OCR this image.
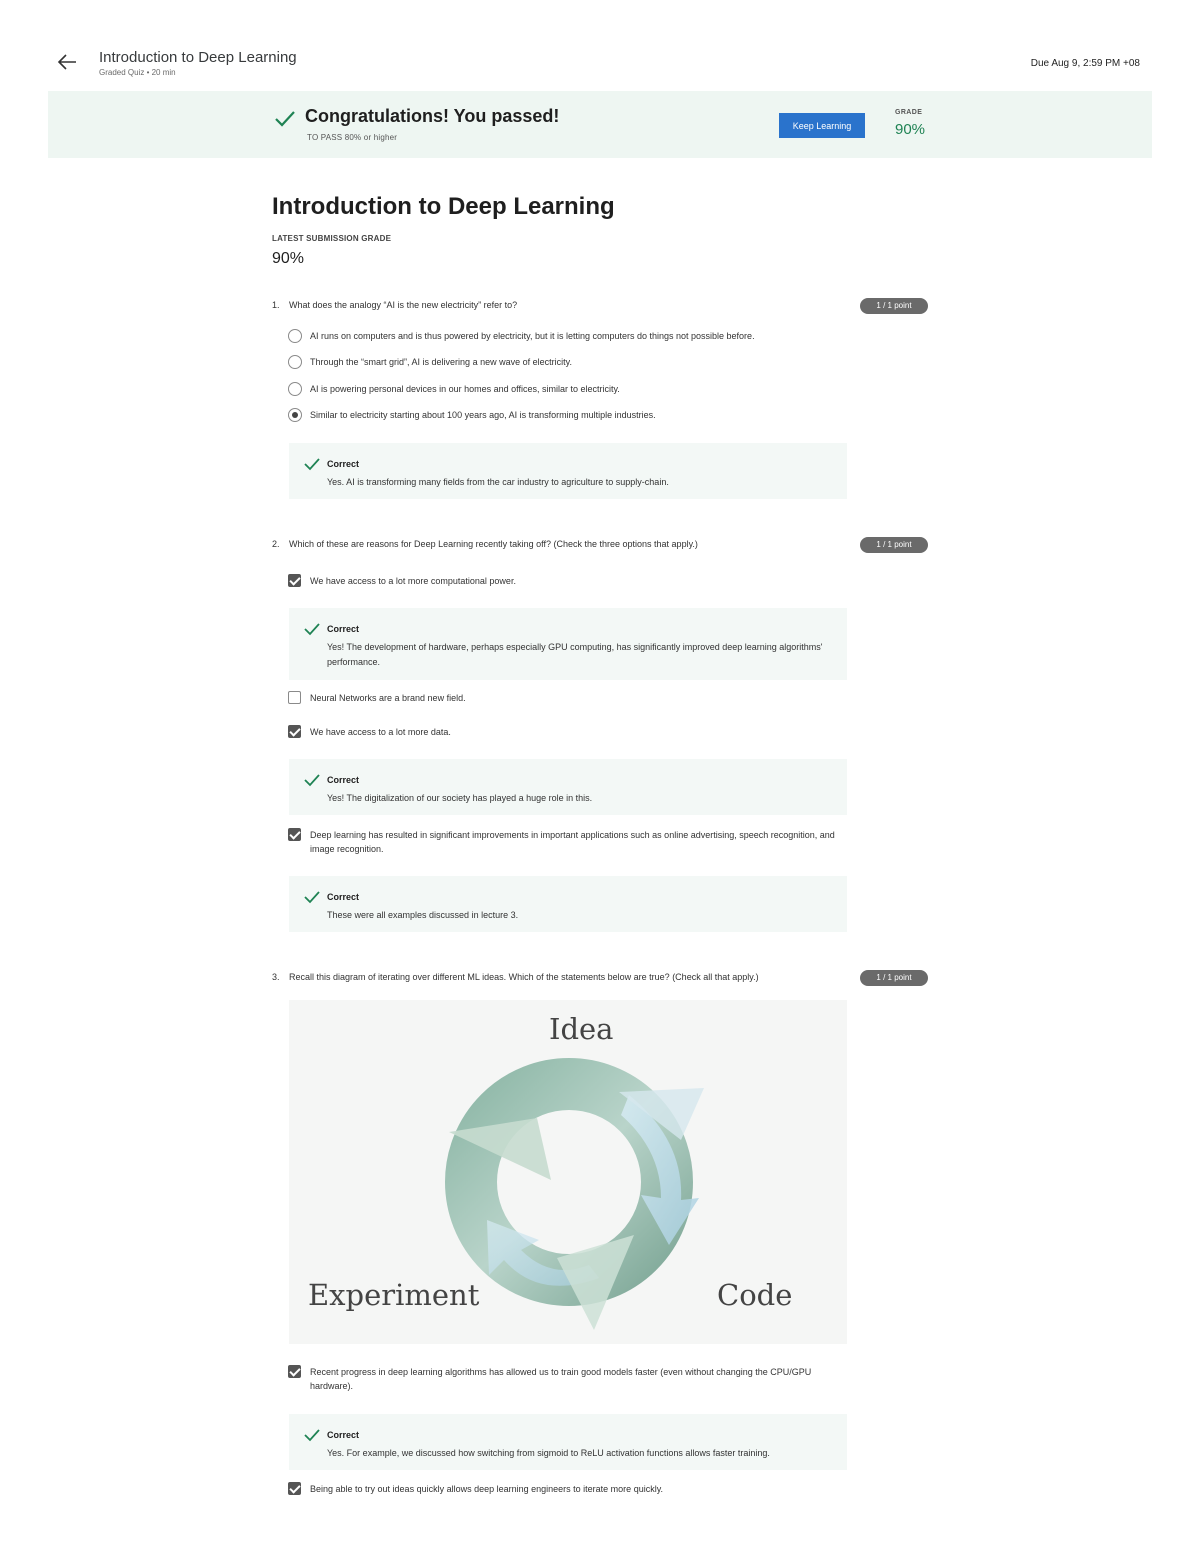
Introduction to Deep Learning
Graded Quiz • 20 min
Due Aug 9, 2:59 PM +08
Congratulations! You passed!
TO PASS 80% or higher
Keep Learning
GRADE
90%
Introduction to Deep Learning
LATEST SUBMISSION GRADE
90%
1. What does the analogy “AI is the new electricity” refer to?	1 / 1 point
AI runs on computers and is thus powered by electricity, but it is letting computers do things not possible before.
Through the “smart grid”, AI is delivering a new wave of electricity.
AI is powering personal devices in our homes and offices, similar to electricity.
Similar to electricity starting about 100 years ago, AI is transforming multiple industries.
Correct
Yes. AI is transforming many fields from the car industry to agriculture to supply-chain.
2. Which of these are reasons for Deep Learning recently taking off? (Check the three options that apply.)	1 / 1 point
We have access to a lot more computational power.
Correct
Yes! The development of hardware, perhaps especially GPU computing, has significantly improved deep learning algorithms' performance.
Neural Networks are a brand new field.
We have access to a lot more data.
Correct
Yes! The digitalization of our society has played a huge role in this.
Deep learning has resulted in significant improvements in important applications such as online advertising, speech recognition, and image recognition.
Correct
These were all examples discussed in lecture 3.
3. Recall this diagram of iterating over different ML ideas. Which of the statements below are true? (Check all that apply.)	1 / 1 point
Idea
Experiment	Code
Recent progress in deep learning algorithms has allowed us to train good models faster (even without changing the CPU/GPU hardware).
Correct
Yes. For example, we discussed how switching from sigmoid to ReLU activation functions allows faster training.
Being able to try out ideas quickly allows deep learning engineers to iterate more quickly.
